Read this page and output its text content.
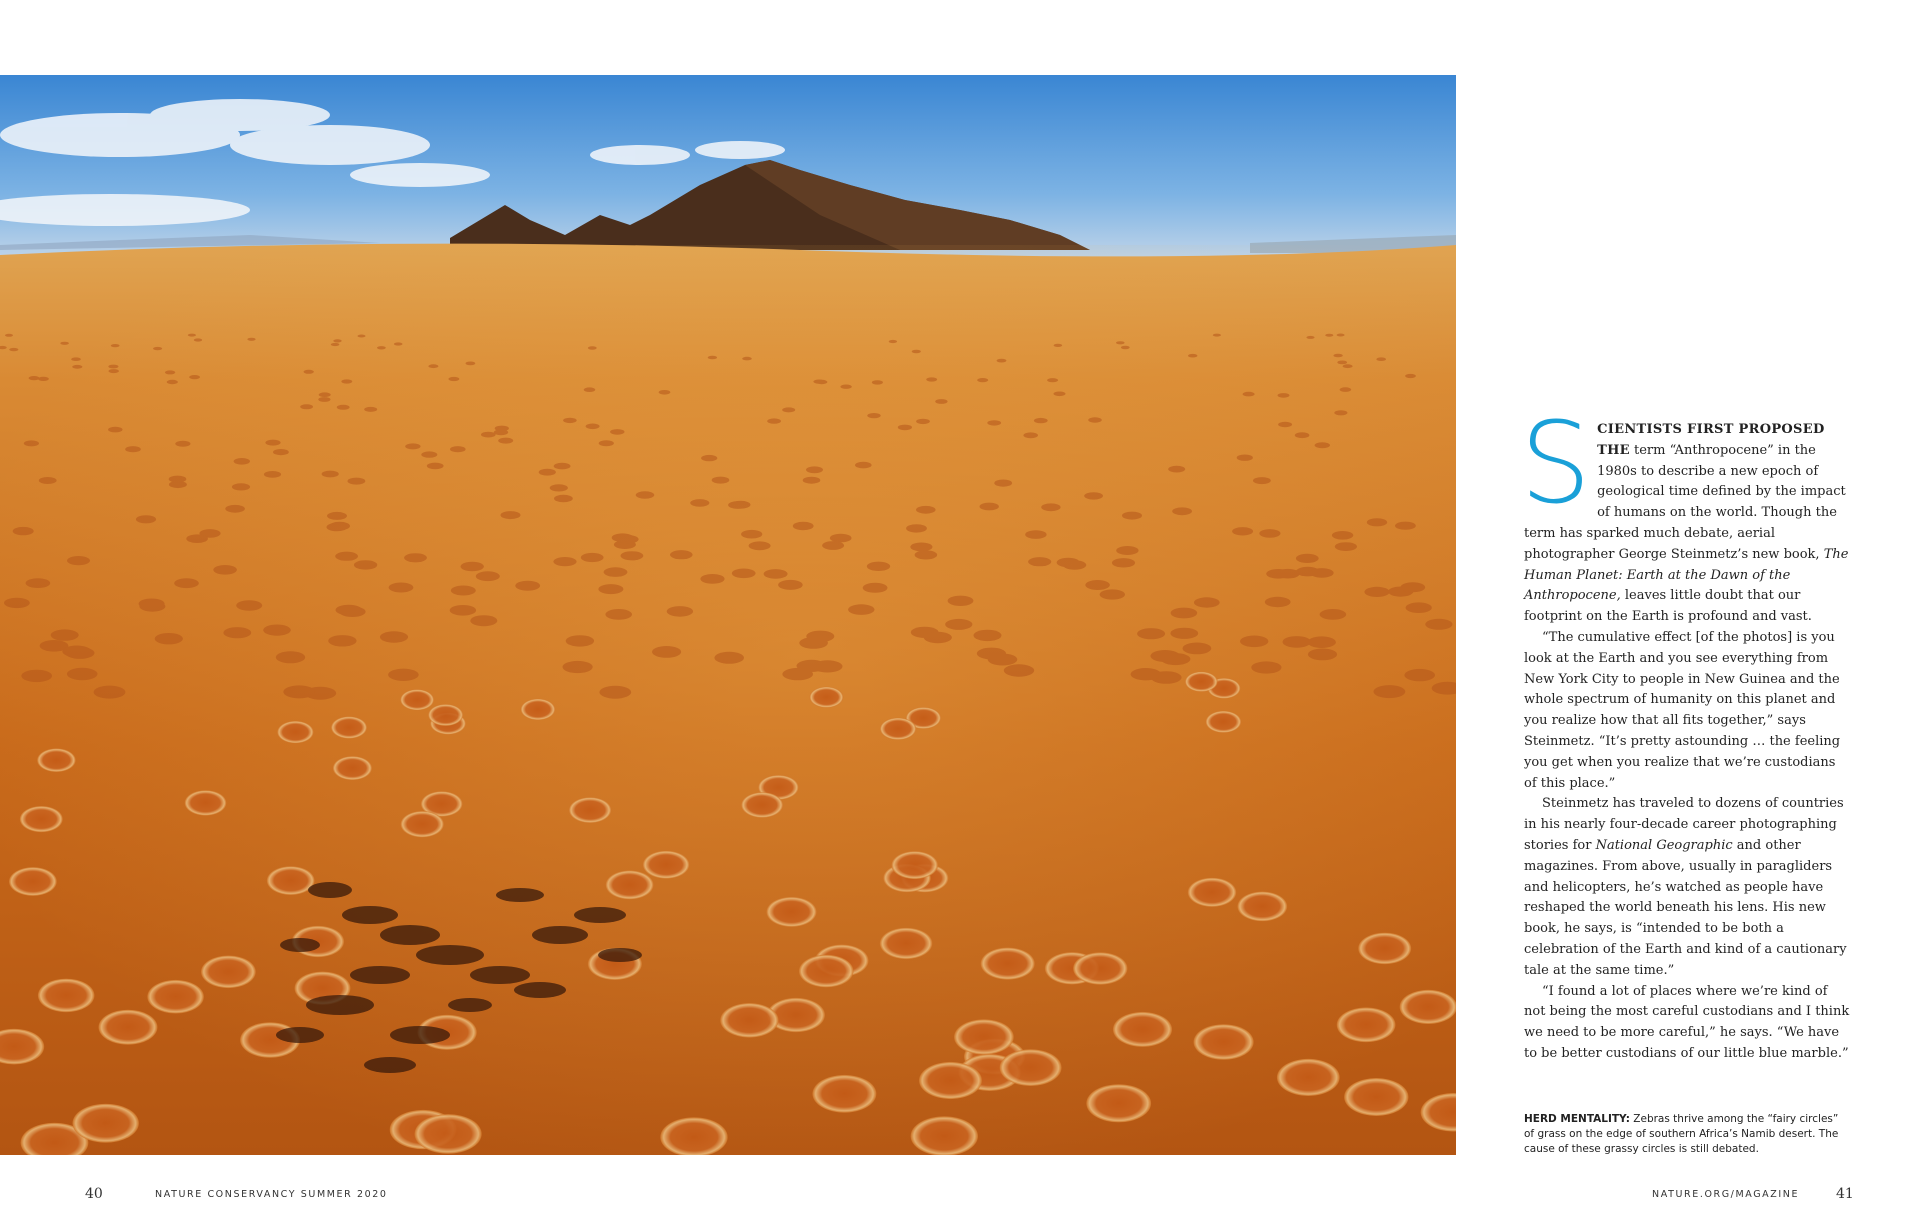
SCIENTISTS FIRST PROPOSED THE term “Anthropocene” in the 1980s to describe a new epoch of geological time defined by the impact of humans on the world. Though the term has sparked much debate, aerial photographer George Steinmetz’s new book, The Human Planet: Earth at the Dawn of the Anthropocene, leaves little doubt that our footprint on the Earth is profound and vast.

“The cumulative effect [of the photos] is you look at the Earth and you see everything from New York City to people in New Guinea and the whole spectrum of humanity on this planet and you realize how that all fits together,” says Steinmetz. “It’s pretty astounding … the feeling you get when you realize that we’re custodians of this place.”

Steinmetz has traveled to dozens of countries in his nearly four-decade career photographing stories for National Geographic and other magazines. From above, usually in paragliders and helicopters, he’s watched as people have reshaped the world beneath his lens. His new book, he says, is “intended to be both a celebration of the Earth and kind of a cautionary tale at the same time.”

“I found a lot of places where we’re kind of not being the most careful custodians and I think we need to be more careful,” he says. “We have to be better custodians of our little blue marble.”

HERD MENTALITY: Zebras thrive among the “fairy circles” of grass on the edge of southern Africa’s Namib desert. The cause of these grassy circles is still debated.
40	NATURE CONSERVANCY SUMMER 2020	NATURE.ORG/MAGAZINE	41
